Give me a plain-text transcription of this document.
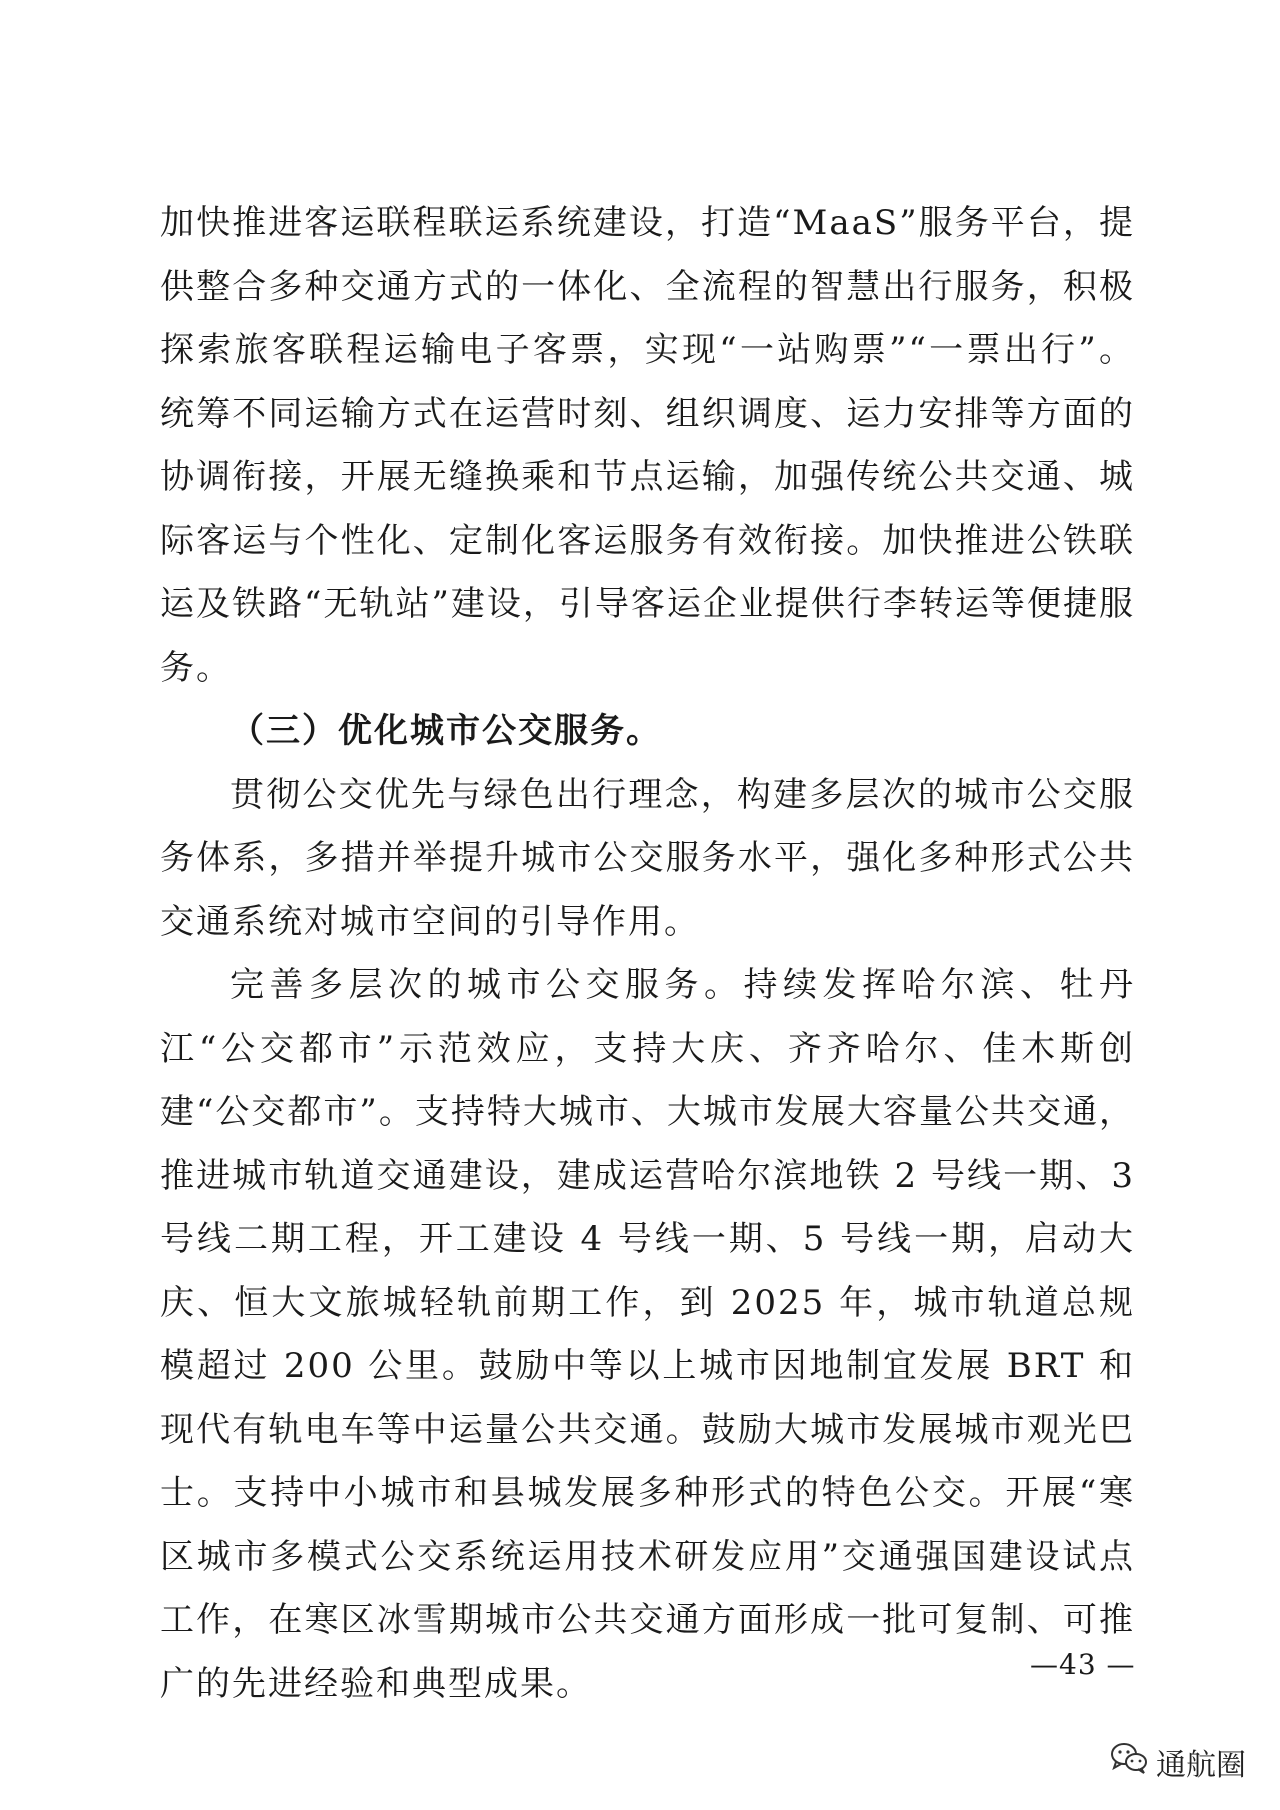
加快推进客运联程联运系统建设，打造“MaaS”服务平台，提供整合多种交通方式的一体化、全流程的智慧出行服务，积极探索旅客联程运输电子客票，实现“一站购票”“一票出行”。统筹不同运输方式在运营时刻、组织调度、运力安排等方面的协调衔接，开展无缝换乘和节点运输，加强传统公共交通、城际客运与个性化、定制化客运服务有效衔接。加快推进公铁联运及铁路“无轨站”建设，引导客运企业提供行李转运等便捷服务。

（三）优化城市公交服务。

贯彻公交优先与绿色出行理念，构建多层次的城市公交服务体系，多措并举提升城市公交服务水平，强化多种形式公共交通系统对城市空间的引导作用。

完善多层次的城市公交服务。持续发挥哈尔滨、牡丹江“公交都市”示范效应，支持大庆、齐齐哈尔、佳木斯创建“公交都市”。支持特大城市、大城市发展大容量公共交通，推进城市轨道交通建设，建成运营哈尔滨地铁 2 号线一期、3 号线二期工程，开工建设 4 号线一期、5 号线一期，启动大庆、恒大文旅城轻轨前期工作，到 2025 年，城市轨道总规模超过 200 公里。鼓励中等以上城市因地制宜发展 BRT 和现代有轨电车等中运量公共交通。鼓励大城市发展城市观光巴士。支持中小城市和县城发展多种形式的特色公交。开展“寒区城市多模式公交系统运用技术研发应用”交通强国建设试点工作，在寒区冰雪期城市公共交通方面形成一批可复制、可推广的先进经验和典型成果。	—43 —
通航圈
